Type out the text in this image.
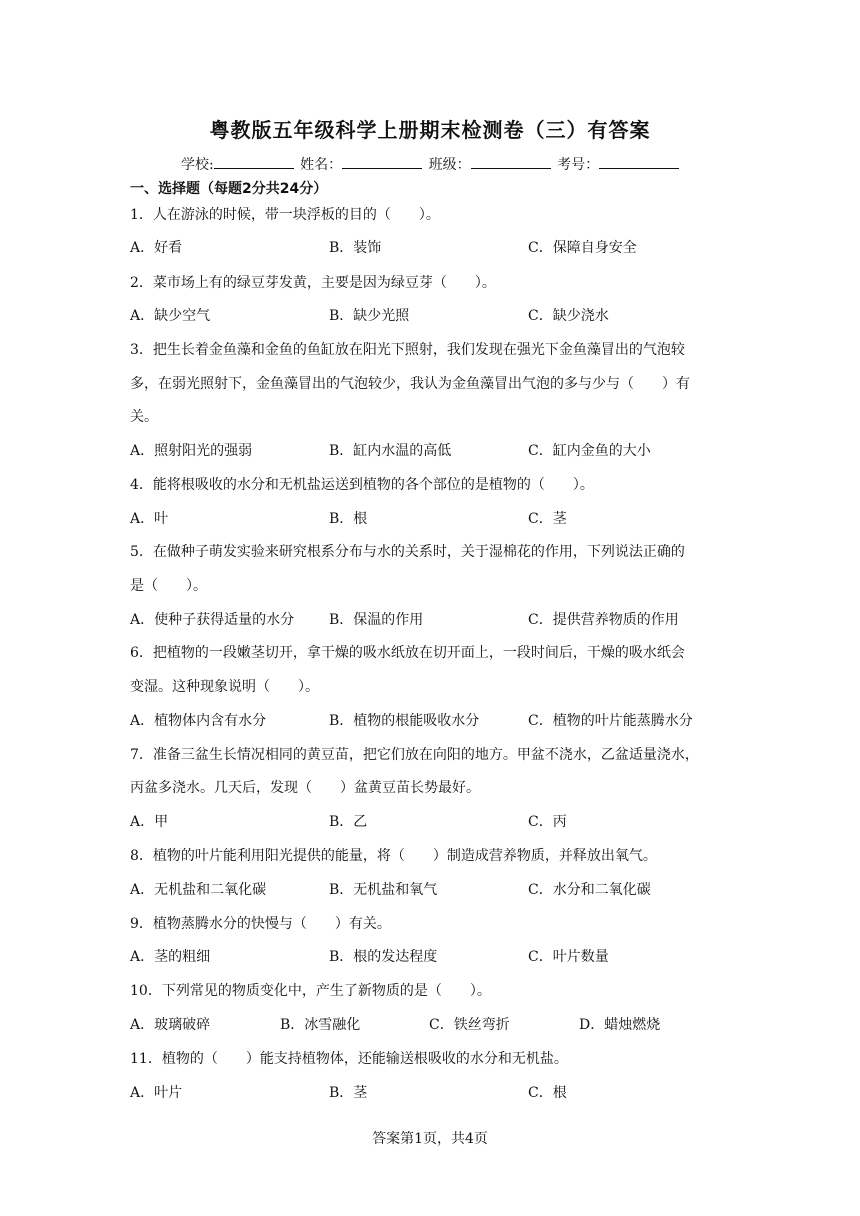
粤教版五年级科学上册期末检测卷（三）有答案
学校:	姓名：	班级：	考号：
一、选择题（每题2分共24分）
1．人在游泳的时候，带一块浮板的目的（　　）。
A．好看	B．装饰	C．保障自身安全
2．菜市场上有的绿豆芽发黄，主要是因为绿豆芽（　　）。
A．缺少空气	B．缺少光照	C．缺少浇水
3．把生长着金鱼藻和金鱼的鱼缸放在阳光下照射，我们发现在强光下金鱼藻冒出的气泡较
多，在弱光照射下，金鱼藻冒出的气泡较少，我认为金鱼藻冒出气泡的多与少与（　　）有
关。
A．照射阳光的强弱	B．缸内水温的高低	C．缸内金鱼的大小
4．能将根吸收的水分和无机盐运送到植物的各个部位的是植物的（　　）。
A．叶	B．根	C．茎
5．在做种子萌发实验来研究根系分布与水的关系时，关于湿棉花的作用，下列说法正确的
是（　　）。
A．使种子获得适量的水分 B．保温的作用	C．提供营养物质的作用
6．把植物的一段嫩茎切开，拿干燥的吸水纸放在切开面上，一段时间后，干燥的吸水纸会
变湿。这种现象说明（　　）。
A．植物体内含有水分	B．植物的根能吸收水分	C．植物的叶片能蒸腾水分
7．准备三盆生长情况相同的黄豆苗，把它们放在向阳的地方。甲盆不浇水，乙盆适量浇水，
丙盆多浇水。几天后，发现（　　）盆黄豆苗长势最好。
A．甲	B．乙	C．丙
8．植物的叶片能利用阳光提供的能量，将（　　）制造成营养物质，并释放出氧气。
A．无机盐和二氧化碳	B．无机盐和氧气	C．水分和二氧化碳
9．植物蒸腾水分的快慢与（　　）有关。
A．茎的粗细	B．根的发达程度	C．叶片数量
10．下列常见的物质变化中，产生了新物质的是（　　）。
A．玻璃破碎	B．冰雪融化	C．铁丝弯折	D．蜡烛燃烧
11．植物的（　　）能支持植物体，还能输送根吸收的水分和无机盐。
A．叶片	B．茎	C．根
答案第1页，共4页
